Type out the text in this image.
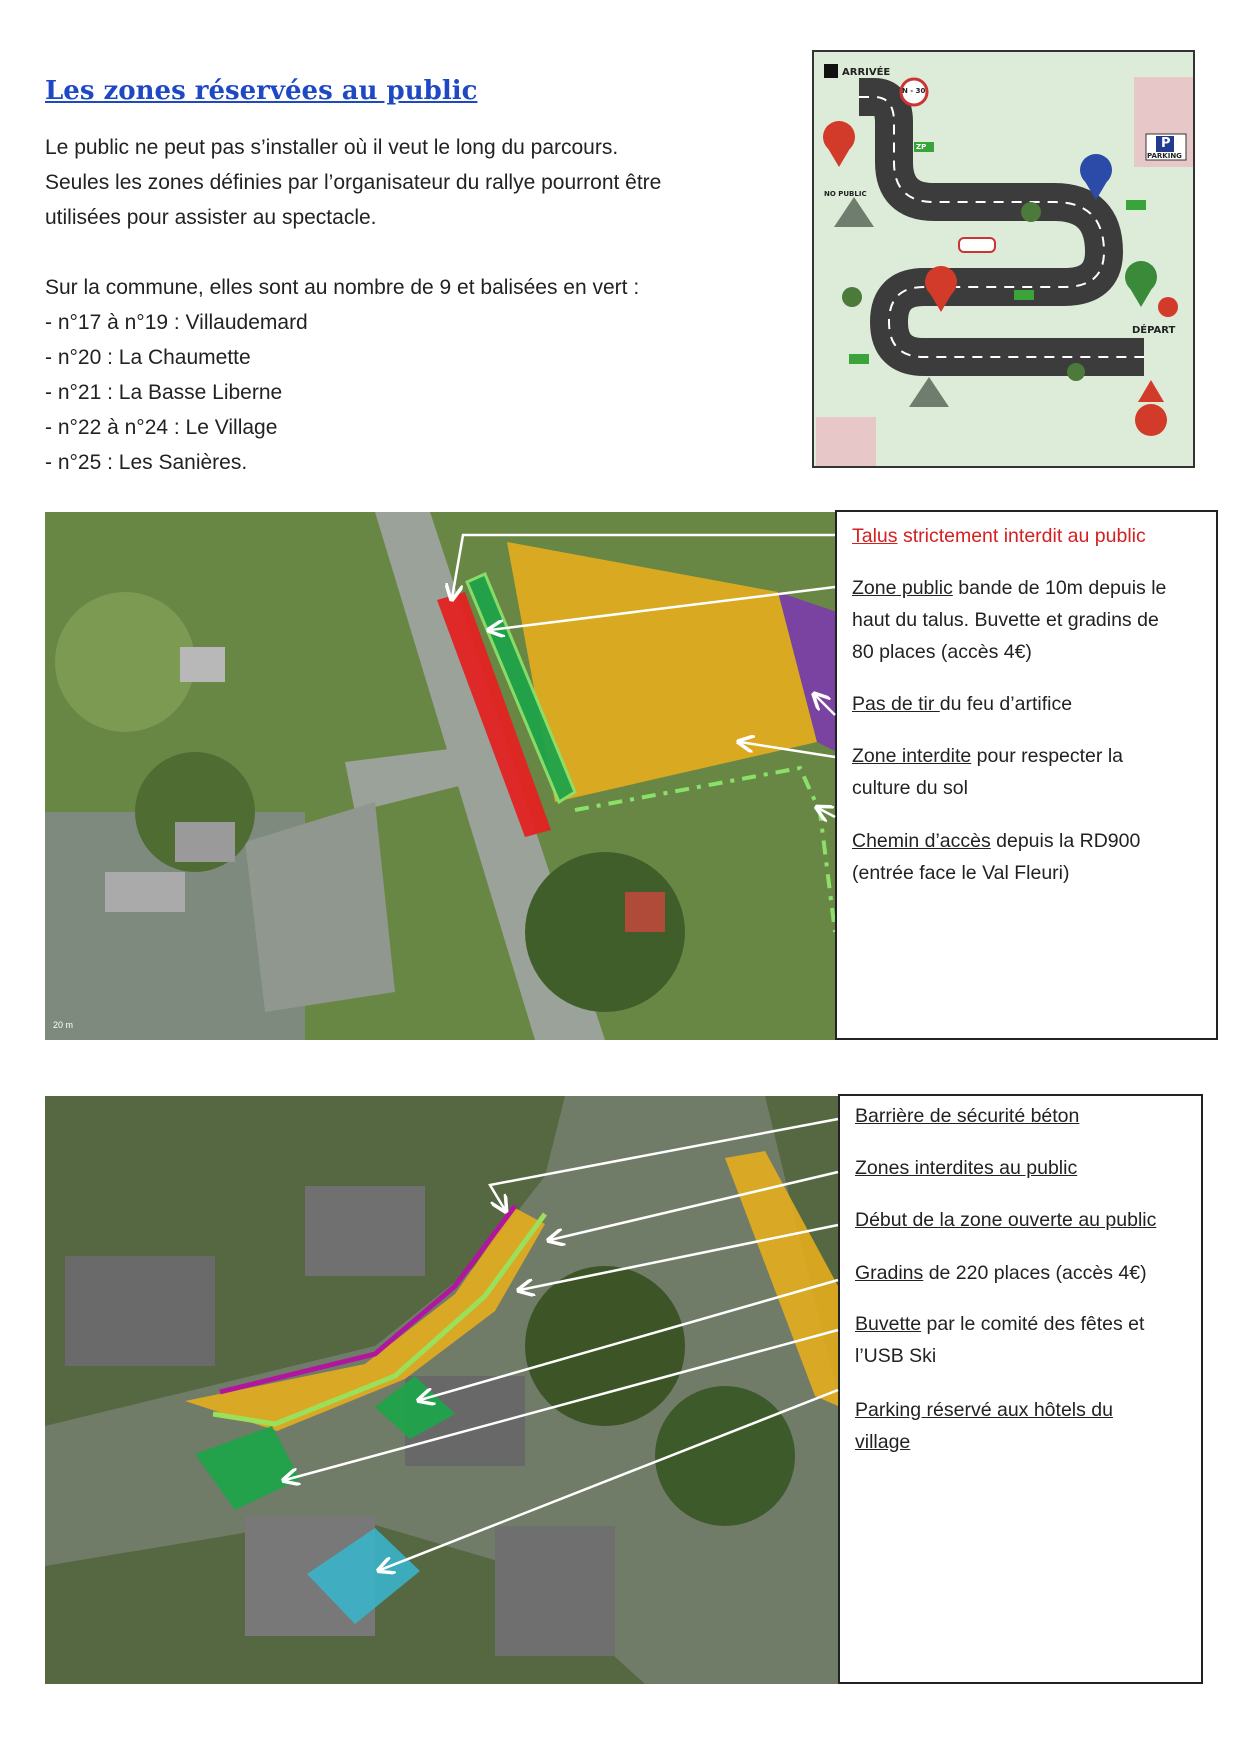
Les zones réservées au public

Le public ne peut pas s’installer où il veut le long du parcours.

Seules les zones définies par l’organisateur du rallye pourront être

utilisées pour assister au spectacle.

Sur la commune, elles sont au nombre de 9 et balisées en vert :

- n°17 à n°19 : Villaudemard

- n°20 : La Chaumette

- n°21 : La Basse Liberne

- n°22 à n°24 : Le Village

- n°25 : Les Sanières.

ARRIVÉE
DÉPART
PARKING
P
NO PUBLIC
ZP
N - 30
20 m
Talus strictement interdit au public
Zone public bande de 10m depuis le
haut du talus. Buvette et gradins de
80 places (accès 4€)
Pas de tir du feu d’artifice
Zone interdite pour respecter la
culture du sol
Chemin d’accès depuis la RD900
(entrée face le Val Fleuri)
Barrière de sécurité béton
Zones interdites au public
Début de la zone ouverte au public
Gradins de 220 places (accès 4€)
Buvette par le comité des fêtes et
l’USB Ski
Parking réservé aux hôtels du
village
